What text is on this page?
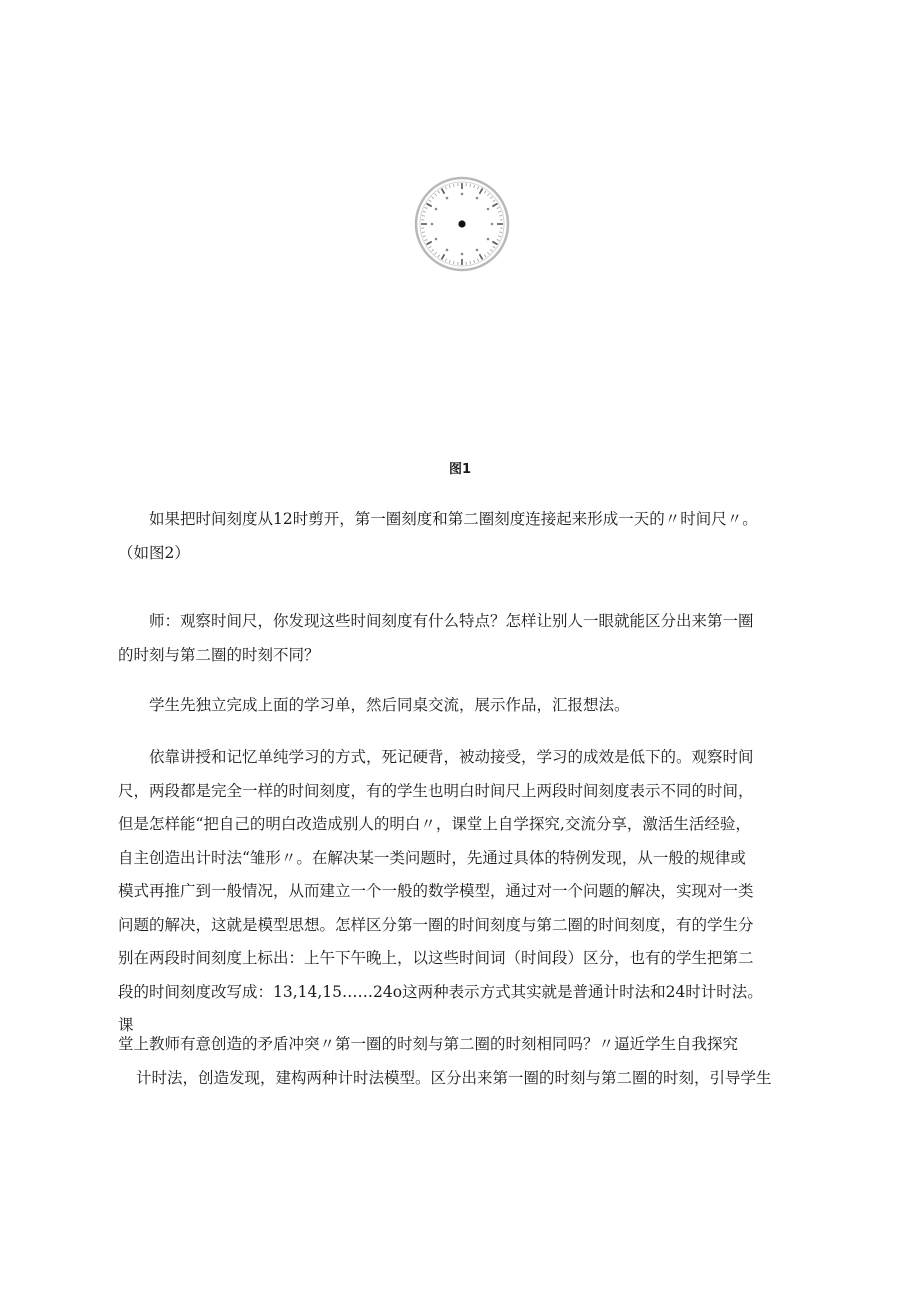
图1
如果把时间刻度从12时剪开，第一圈刻度和第二圈刻度连接起来形成一天的〃时间尺〃。
（如图2）
师：观察时间尺，你发现这些时间刻度有什么特点？怎样让别人一眼就能区分出来第一圈
的时刻与第二圈的时刻不同？
学生先独立完成上面的学习单，然后同桌交流，展示作品，汇报想法。
依靠讲授和记忆单纯学习的方式，死记硬背，被动接受，学习的成效是低下的。观察时间
尺，两段都是完全一样的时间刻度，有的学生也明白时间尺上两段时间刻度表示不同的时间，
但是怎样能“把自己的明白改造成别人的明白〃，课堂上自学探究,交流分享，激活生活经验，
自主创造出计时法“雏形〃。在解决某一类问题时，先通过具体的特例发现，从一般的规律或
模式再推广到一般情况，从而建立一个一般的数学模型，通过对一个问题的解决，实现对一类
问题的解决，这就是模型思想。怎样区分第一圈的时间刻度与第二圈的时间刻度，有的学生分
别在两段时间刻度上标出：上午下午晚上，以这些时间词（时间段）区分，也有的学生把第二
段的时间刻度改写成：13,14,15……24o这两种表示方式其实就是普通计时法和24时计时法。
课
堂上教师有意创造的矛盾冲突〃第一圈的时刻与第二圈的时刻相同吗？〃逼近学生自我探究
计时法，创造发现，建构两种计时法模型。区分出来第一圈的时刻与第二圈的时刻，引导学生
